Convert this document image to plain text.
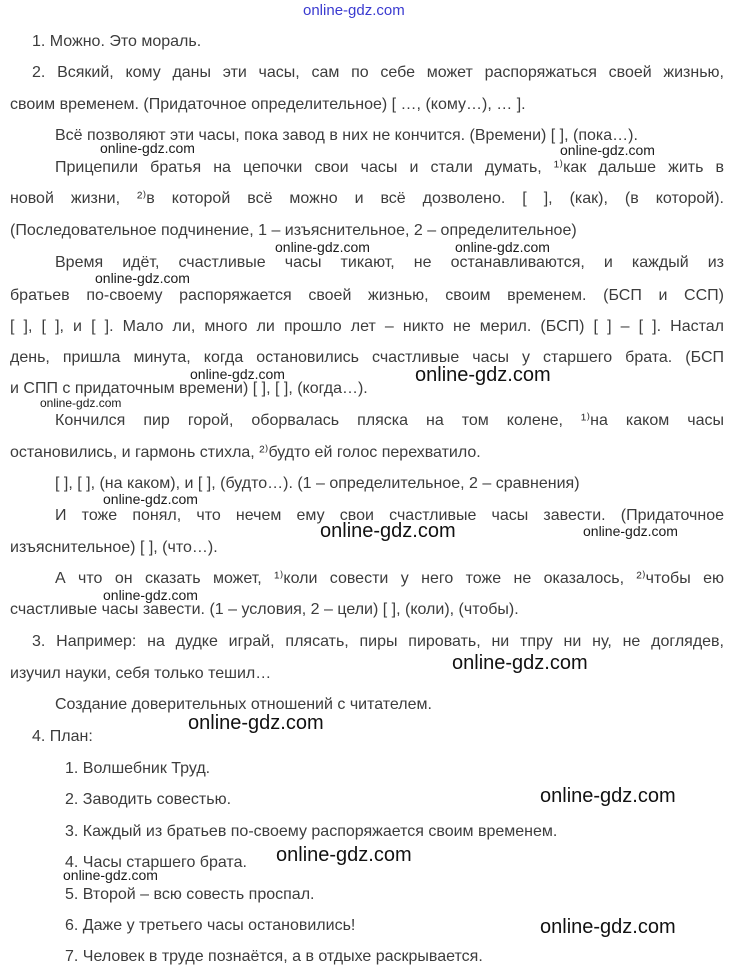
1. Можно. Это мораль.
2. Всякий, кому даны эти часы, сам по себе может распоряжаться своей жизнью,
своим временем. (Придаточное определительное) [ …, (кому…), … ].
Всё позволяют эти часы, пока завод в них не кончится. (Времени) [ ], (пока…).
Прицепили братья на цепочки свои часы и стали думать, ¹⁾как дальше жить в
новой жизни, ²⁾в которой всё можно и всё дозволено. [ ], (как), (в которой).
(Последовательное подчинение, 1 – изъяснительное, 2 – определительное)
Время идёт, счастливые часы тикают, не останавливаются, и каждый из
братьев по-своему распоряжается своей жизнью, своим временем. (БСП и ССП)
[ ], [ ], и [ ]. Мало ли, много ли прошло лет – никто не мерил. (БСП) [ ] – [ ]. Настал
день, пришла минута, когда остановились счастливые часы у старшего брата. (БСП
и СПП с придаточным времени) [ ], [ ], (когда…).
Кончился пир горой, оборвалась пляска на том колене, ¹⁾на каком часы
остановились, и гармонь стихла, ²⁾будто ей голос перехватило.
[ ], [ ], (на каком), и [ ], (будто…). (1 – определительное, 2 – сравнения)
И тоже понял, что нечем ему свои счастливые часы завести. (Придаточное
изъяснительное) [ ], (что…).
А что он сказать может, ¹⁾коли совести у него тоже не оказалось, ²⁾чтобы ею
счастливые часы завести. (1 – условия, 2 – цели) [ ], (коли), (чтобы).
3. Например: на дудке играй, плясать, пиры пировать, ни тпру ни ну, не доглядев,
изучил науки, себя только тешил…
Создание доверительных отношений с читателем.
4. План:
1. Волшебник Труд.
2. Заводить совестью.
3. Каждый из братьев по-своему распоряжается своим временем.
4. Часы старшего брата.
5. Второй – всю совесть проспал.
6. Даже у третьего часы остановились!
7. Человек в труде познаётся, а в отдыхе раскрывается.
online-gdz.com
online-gdz.com	online-gdz.com
online-gdz.com	online-gdz.com
online-gdz.com
online-gdz.com
online-gdz.com
online-gdz.com
online-gdz.com
online-gdz.com
online-gdz.com
online-gdz.com
online-gdz.com
online-gdz.com
online-gdz.com
online-gdz.com
online-gdz.com
online-gdz.com
